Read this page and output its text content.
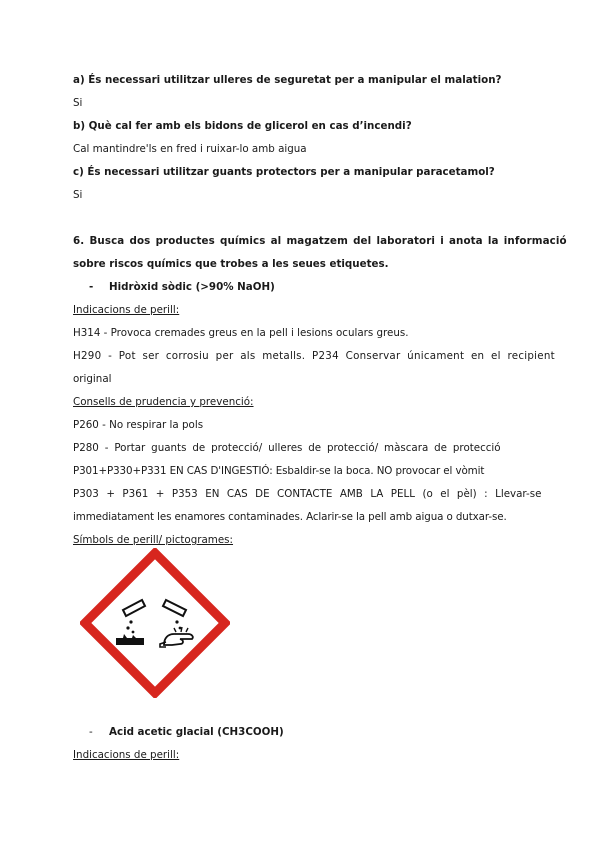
a) És necessari utilitzar ulleres de seguretat per a manipular el malation?
Si
b) Què cal fer amb els bidons de glicerol en cas d’incendi?
Cal mantindre'ls en fred i ruixar-lo amb aigua
c) És necessari utilitzar guants protectors per a manipular paracetamol?
Si
6. Busca dos productes químics al magatzem del laboratori i anota la informació
sobre riscos químics que trobes a les seues etiquetes.
- Hidròxid sòdic (>90% NaOH)
Indicacions de perill:
H314 - Provoca cremades greus en la pell i lesions oculars greus.
H290 - Pot ser corrosiu per als metalls. P234 Conservar únicament en el recipient
original
Consells de prudencia y prevenció:
P260 - No respirar la pols
P280 - Portar guants de protecció/ ulleres de protecció/ màscara de protecció
P301+P330+P331 EN CAS D'INGESTIÓ: Esbaldir-se la boca. NO provocar el vòmit
P303 + P361 + P353 EN CAS DE CONTACTE AMB LA PELL (o el pèl) : Llevar-se
immediatament les enamores contaminades. Aclarir-se la pell amb aigua o dutxar-se.
Símbols de perill/ pictogrames:
- Acid acetic glacial (CH3COOH)
Indicacions de perill:
